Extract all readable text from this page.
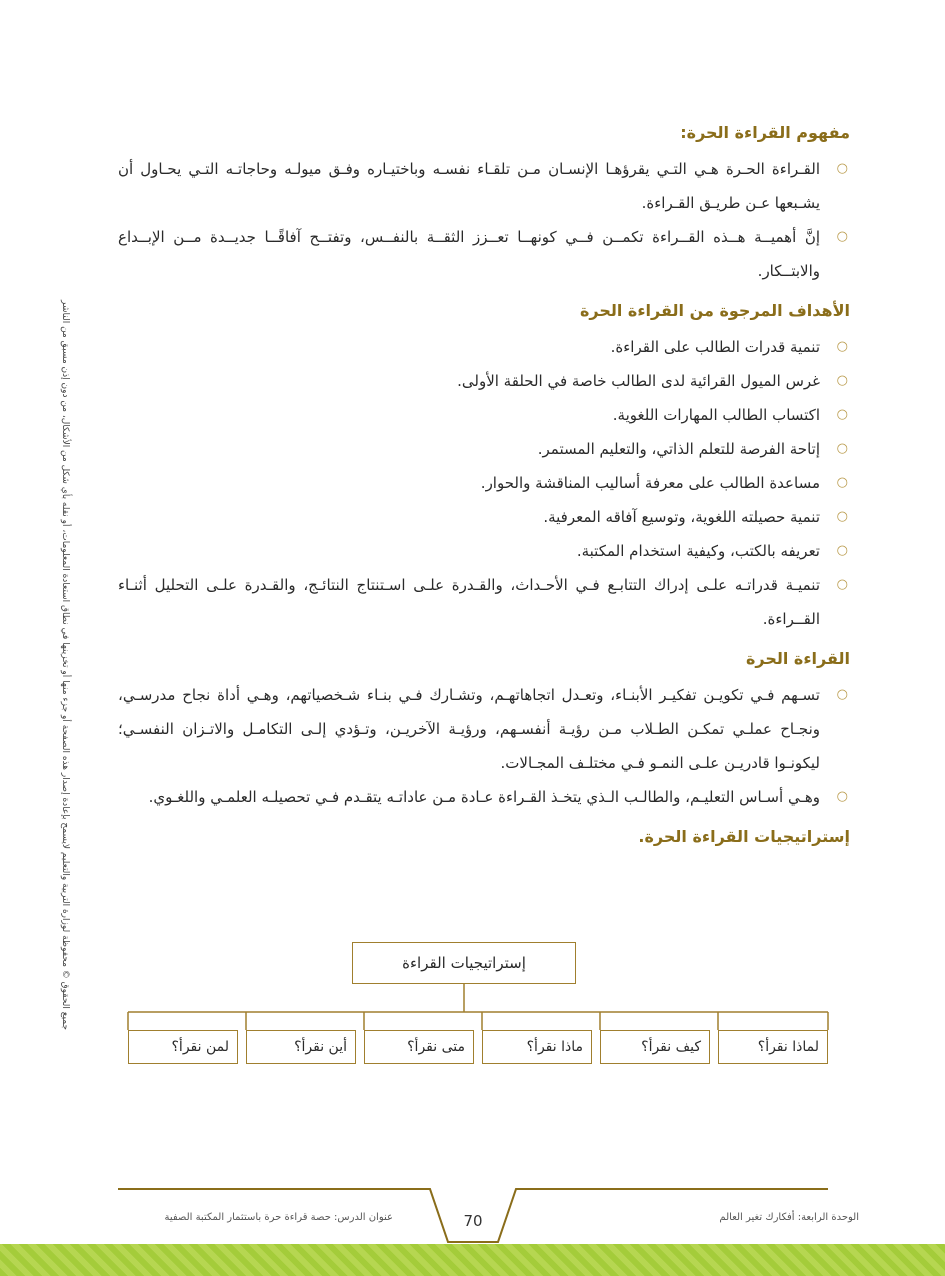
مفهوم القراءة الحرة:
○
القـراءة الحـرة هـي التـي يقرؤهـا الإنسـان مـن تلقـاء نفسـه وباختيـاره وفـق ميولـه وحاجاتـه التـي يحـاول أن يشـبعها عـن طريـق القـراءة.
○
إنَّ أهميــة هــذه القــراءة تكمــن فــي كونهــا تعــزز الثقــة بالنفــس، وتفتــح آفاقًــا جديــدة مــن الإبــداع والابتــكار.
الأهداف المرجوة من القراءة الحرة
○
تنمية قدرات الطالب على القراءة.
○
غرس الميول القرائية لدى الطالب خاصة في الحلقة الأولى.
○
اكتساب الطالب المهارات اللغوية.
○
إتاحة الفرصة للتعلم الذاتي، والتعليم المستمر.
○
مساعدة الطالب على معرفة أساليب المناقشة والحوار.
○
تنمية حصيلته اللغوية، وتوسيع آفاقه المعرفية.
○
تعريفه بالكتب، وكيفية استخدام المكتبة.
○
تنميـة قدراتـه علـى إدراك التتابـع فـي الأحـداث، والقـدرة علـى اسـتنتاج النتائـج، والقـدرة علـى التحليل أثنـاء القــراءة.
القراءة الحرة
○
تسـهم فـي تكويـن تفكيـر الأبنـاء، وتعـدل اتجاهاتهـم، وتشـارك فـي بنـاء شـخصياتهم، وهـي أداة نجاح مدرسـي، ونجـاح عملـي تمكـن الطـلاب مـن رؤيـة أنفسـهم، ورؤيـة الآخريـن، وتـؤدي إلـى التكامـل والاتـزان النفسـي؛ ليكونـوا قادريـن علـى النمـو فـي مختلـف المجـالات.
○
وهـي أسـاس التعليـم، والطالـب الـذي يتخـذ القـراءة عـادة مـن عاداتـه يتقـدم فـي تحصيلـه العلمـي واللغـوي.
إستراتيجيات القراءة الحرة.
جميع الحقوق © محفوظة لوزارة التربية والتعليم لايسمح بإعادة إصدار هذه الصفحة أو جزء منها أو تخزينها في نطاق استعادة المعلومات، أو نقله بأي شكل من الأشكال، من دون إذن مسبق من الناشر	إستراتيجيات القراءة
لماذا نقرأ؟
كيف نقرأ؟
ماذا نقرأ؟
متى نقرأ؟
أين نقرأ؟
لمن نقرأ؟
الوحدة الرابعة: أفكارك تغير العالم
70
عنوان الدرس: حصة قراءة حرة باستثمار المكتبة الصفية
